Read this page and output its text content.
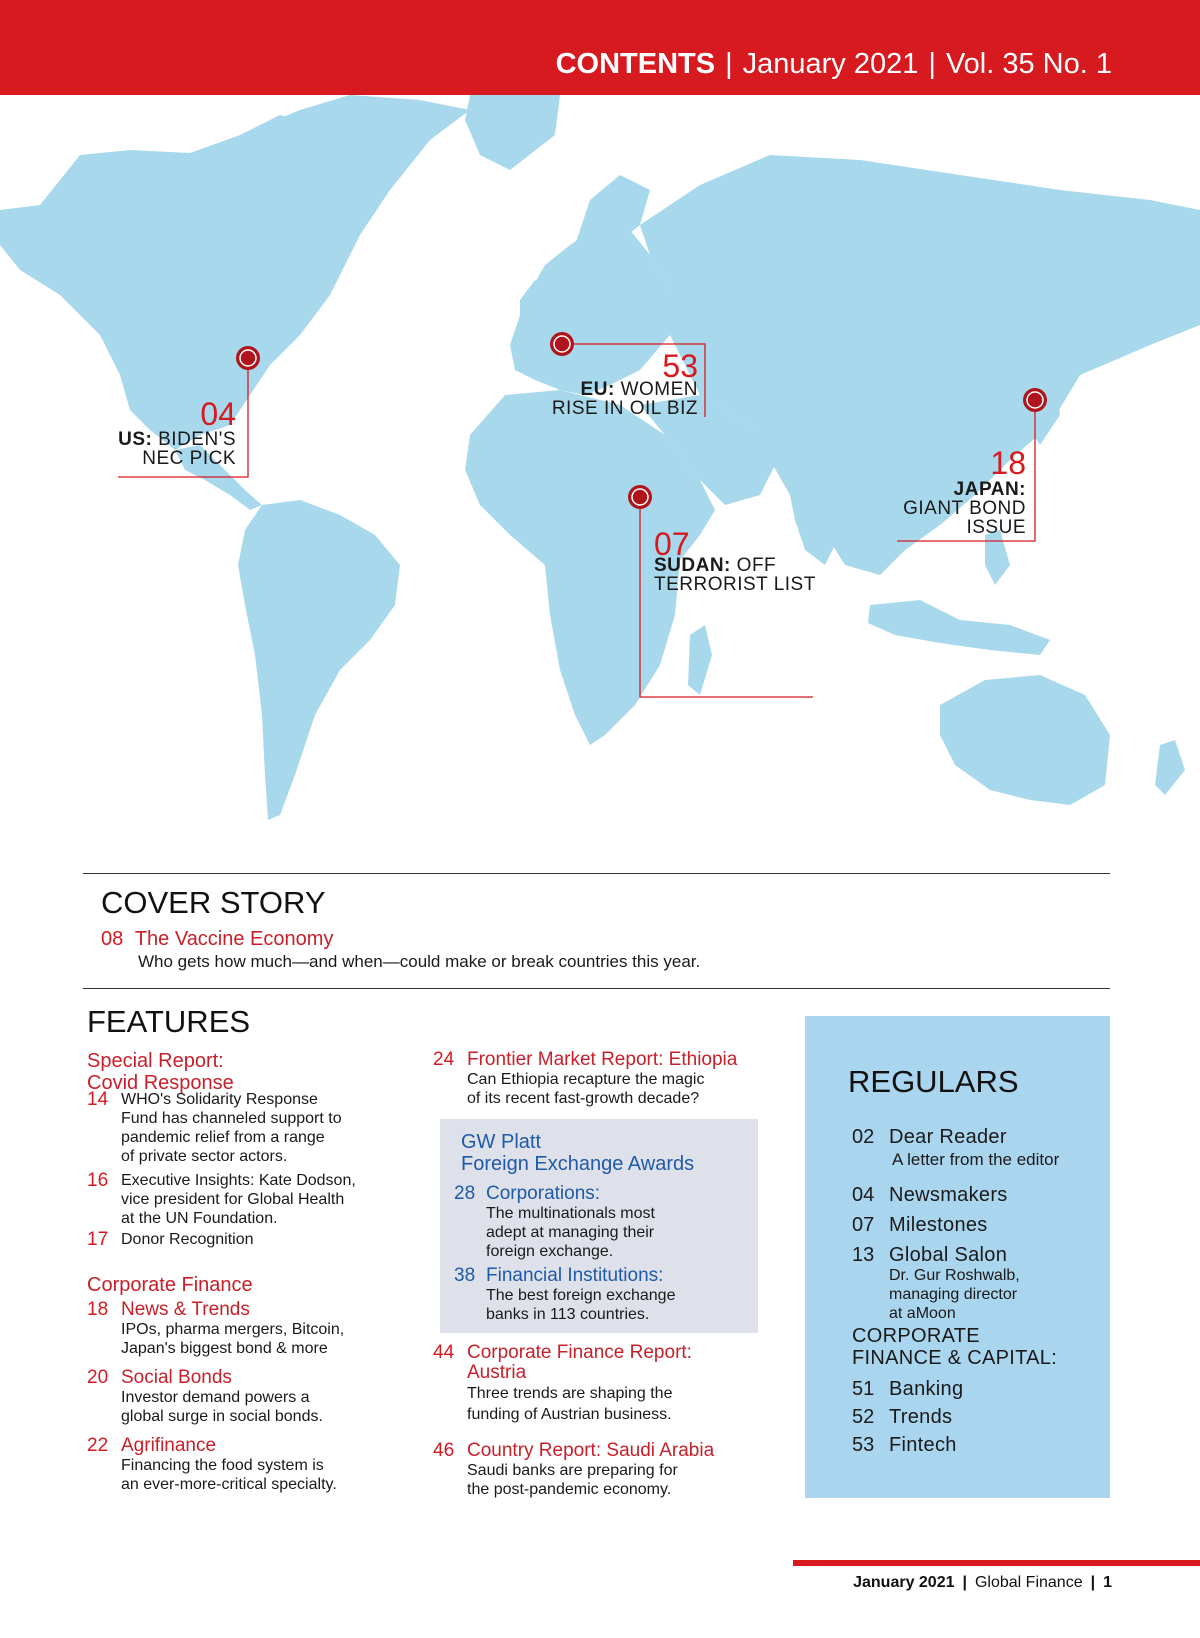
CONTENTS | January 2021 | Vol. 35 No. 1
04
US: BIDEN'S
NEC PICK
53
EU: WOMEN
RISE IN OIL BIZ
07
SUDAN: OFF
TERRORIST LIST
18
JAPAN:
GIANT BOND
ISSUE
COVER STORY
08 The Vaccine Economy
Who gets how much—and when—could make or break countries this year.
FEATURES
Special Report:
Covid Response
Corporate Finance
GW Platt
Foreign Exchange Awards
28 Corporations:
The multinationals most
adept at managing their
foreign exchange.
38 Financial Institutions:
The best foreign exchange
banks in 113 countries.
REGULARS
CORPORATE
FINANCE & CAPITAL:
02 Dear Reader
A letter from the editor
04 Newsmakers
07 Milestones
13 Global Salon
Dr. Gur Roshwalb,
managing director
at aMoon
51 Banking
52 Trends
53 Fintech
January 2021 | Global Finance | 1
14 WHO's Solidarity Response
Fund has channeled support to
pandemic relief from a range
of private sector actors.
16 Executive Insights: Kate Dodson,
vice president for Global Health
at the UN Foundation.
17 Donor Recognition
18 News & Trends
IPOs, pharma mergers, Bitcoin,
Japan's biggest bond & more
20 Social Bonds
Investor demand powers a
global surge in social bonds.
22 Agrifinance
Financing the food system is
an ever-more-critical specialty.
24 Frontier Market Report: Ethiopia
Can Ethiopia recapture the magic
of its recent fast-growth decade?
44 Corporate Finance Report:
Austria
Three trends are shaping the
funding of Austrian business.
46 Country Report: Saudi Arabia
Saudi banks are preparing for
the post-pandemic economy.
